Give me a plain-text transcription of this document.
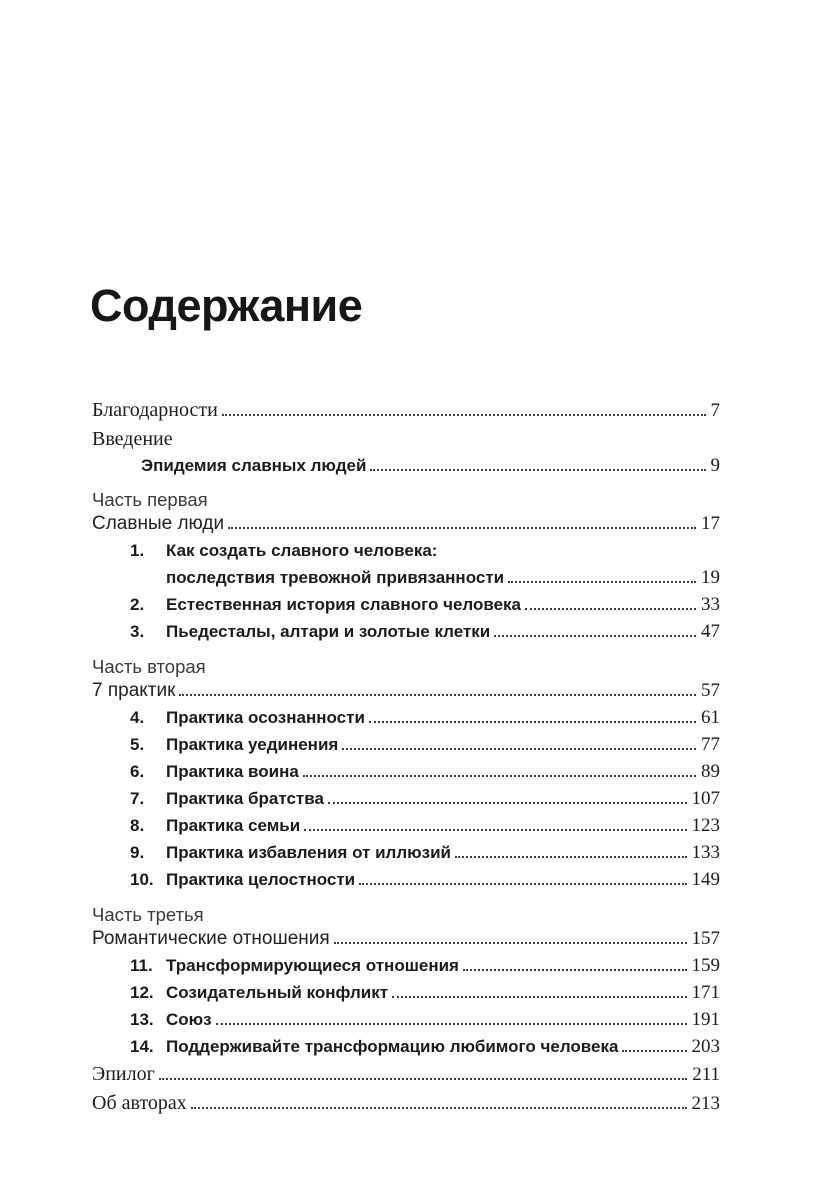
Содержание
Благодарности	7
Введение
Эпидемия славных людей	9
Часть первая
Славные люди	17
1.	Как создать славного человека:
последствия тревожной привязанности	19
2.	Естественная история славного человека	33
3.	Пьедесталы, алтари и золотые клетки	47
Часть вторая
7 практик	57
4.	Практика осознанности	61
5.	Практика уединения	77
6.	Практика воина	89
7.	Практика братства	107
8.	Практика семьи	123
9.	Практика избавления от иллюзий	133
10. Практика целостности	149
Часть третья
Романтические отношения	157
11. Трансформирующиеся отношения	159
12. Созидательный конфликт	171
13. Союз	191
14. Поддерживайте трансформацию любимого человека	203
Эпилог	211
Об авторах	213
